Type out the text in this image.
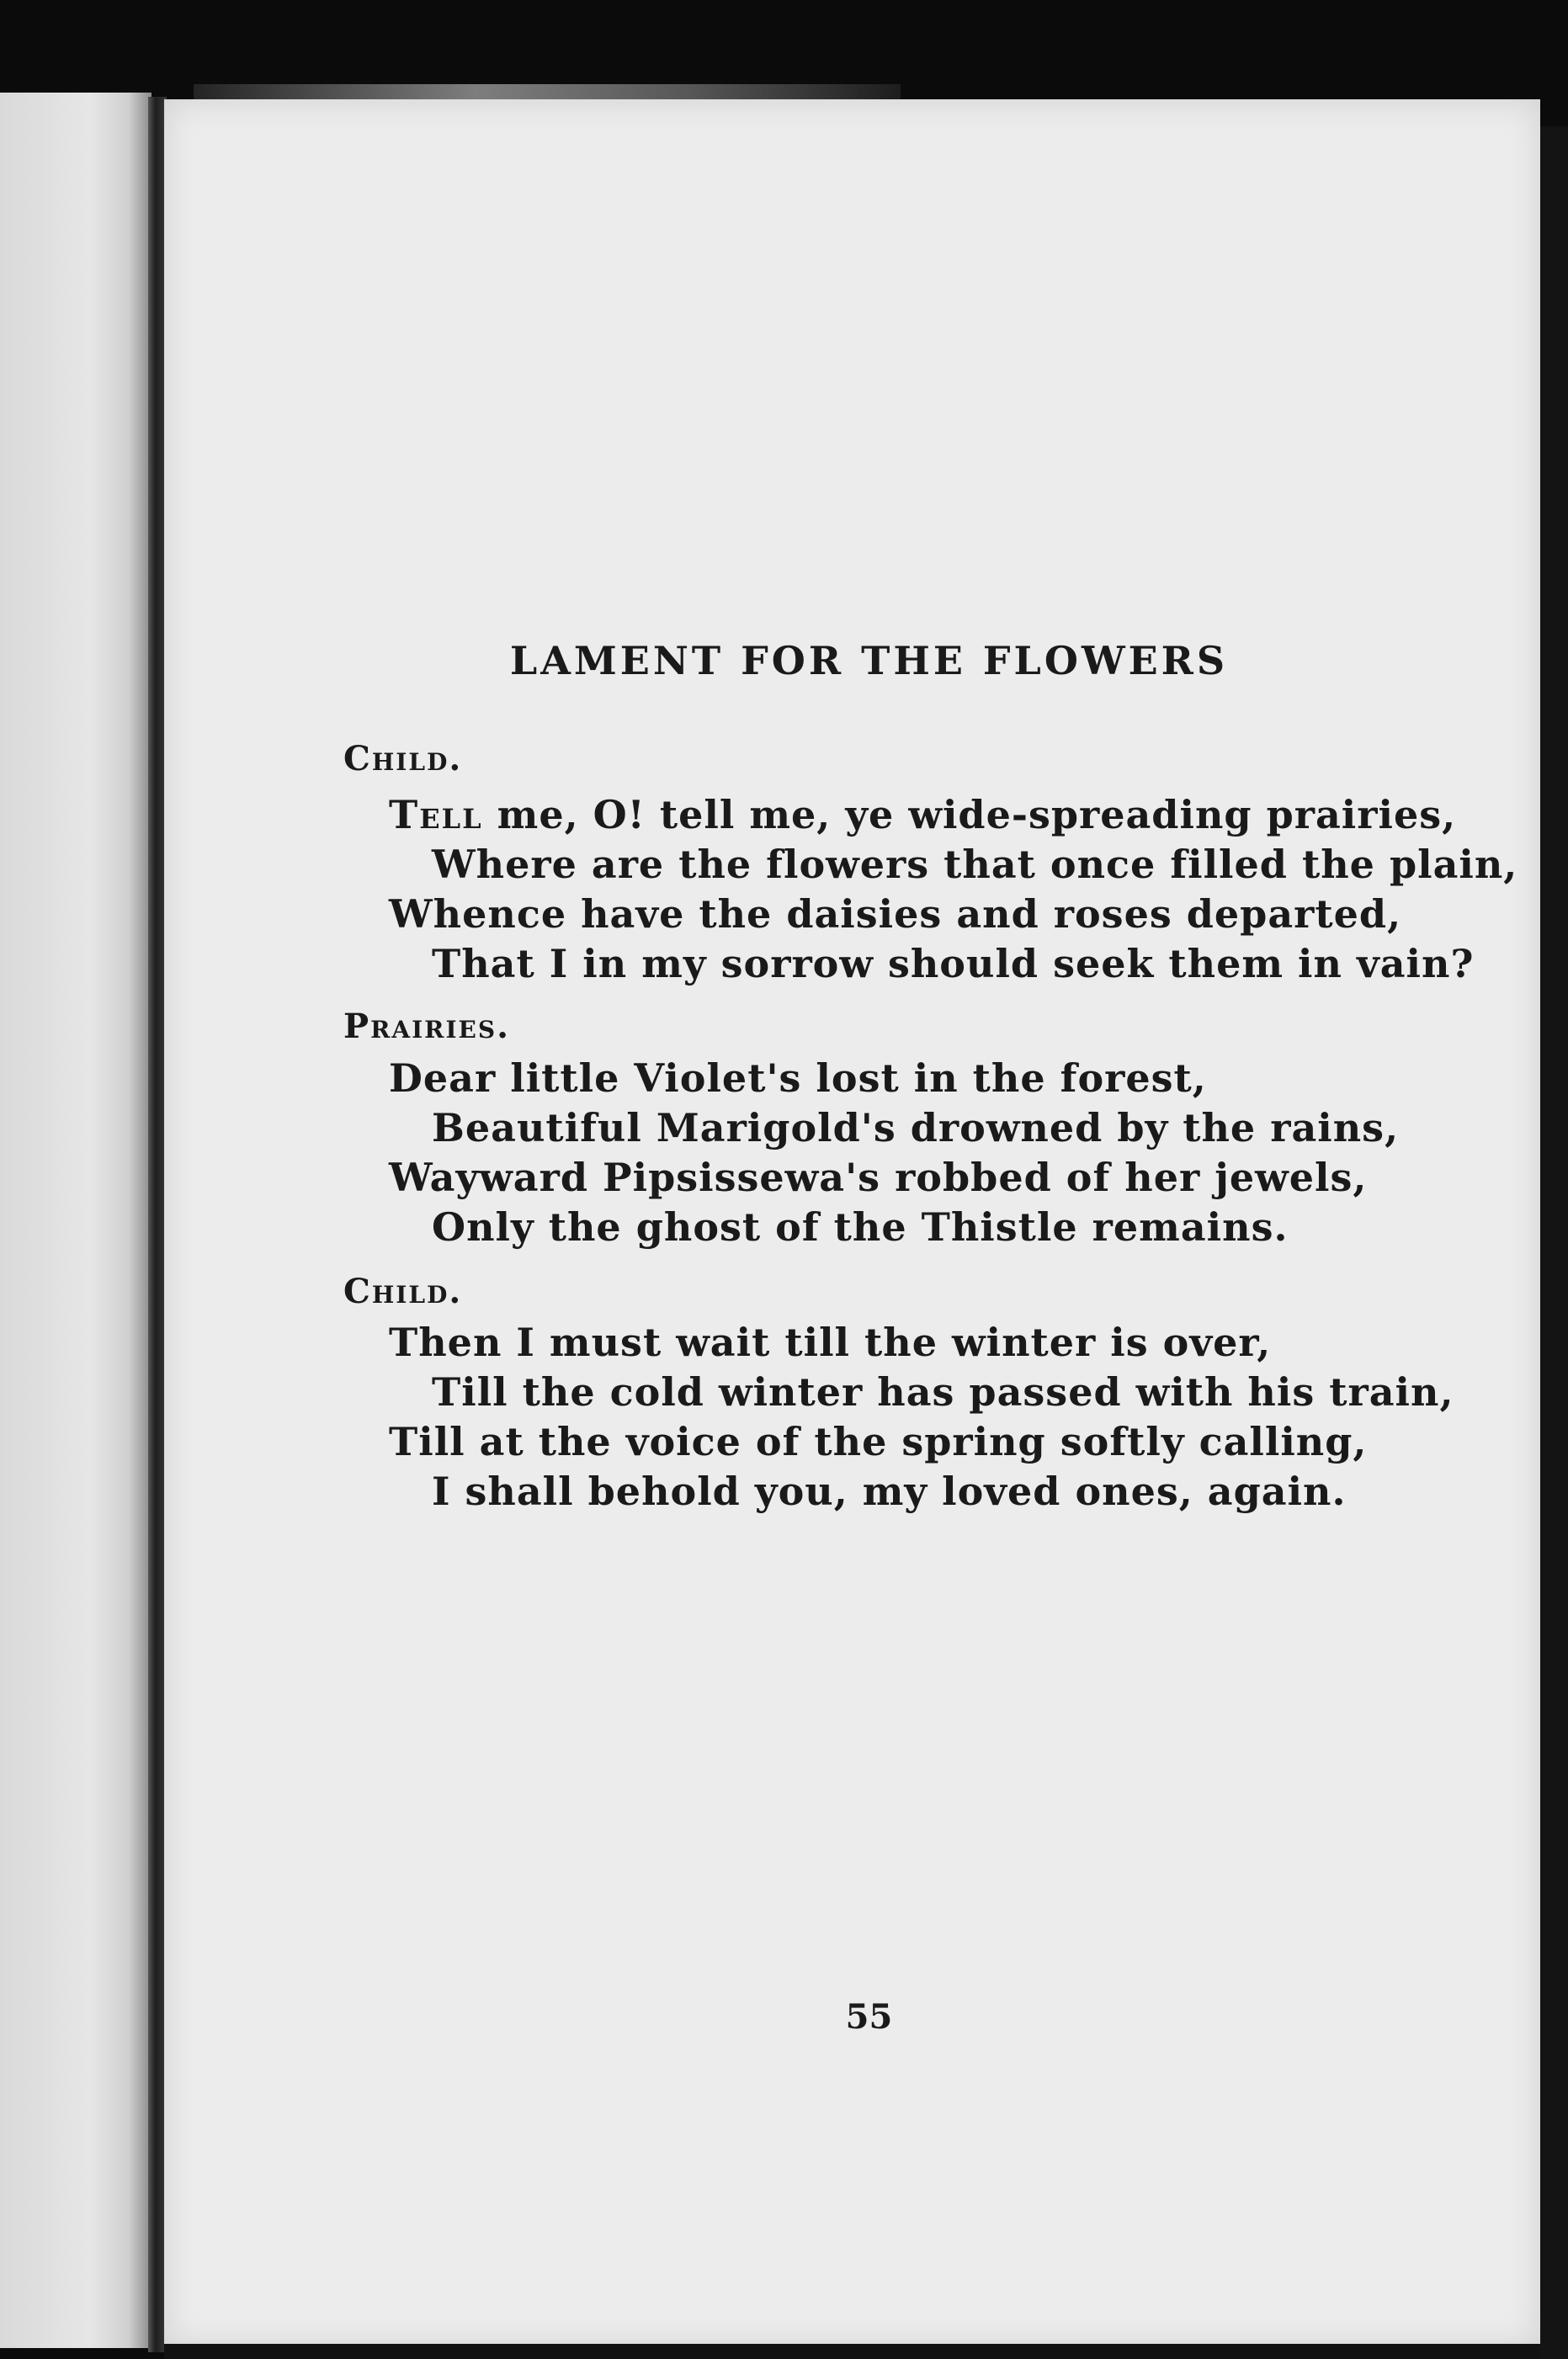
LAMENT FOR THE FLOWERS
Child.
Tell me, O! tell me, ye wide-spreading prairies,
Where are the flowers that once filled the plain,
Whence have the daisies and roses departed,
That I in my sorrow should seek them in vain?
Prairies.
Dear little Violet's lost in the forest,
Beautiful Marigold's drowned by the rains,
Wayward Pipsissewa's robbed of her jewels,
Only the ghost of the Thistle remains.
Child.
Then I must wait till the winter is over,
Till the cold winter has passed with his train,
Till at the voice of the spring softly calling,
I shall behold you, my loved ones, again.
55
